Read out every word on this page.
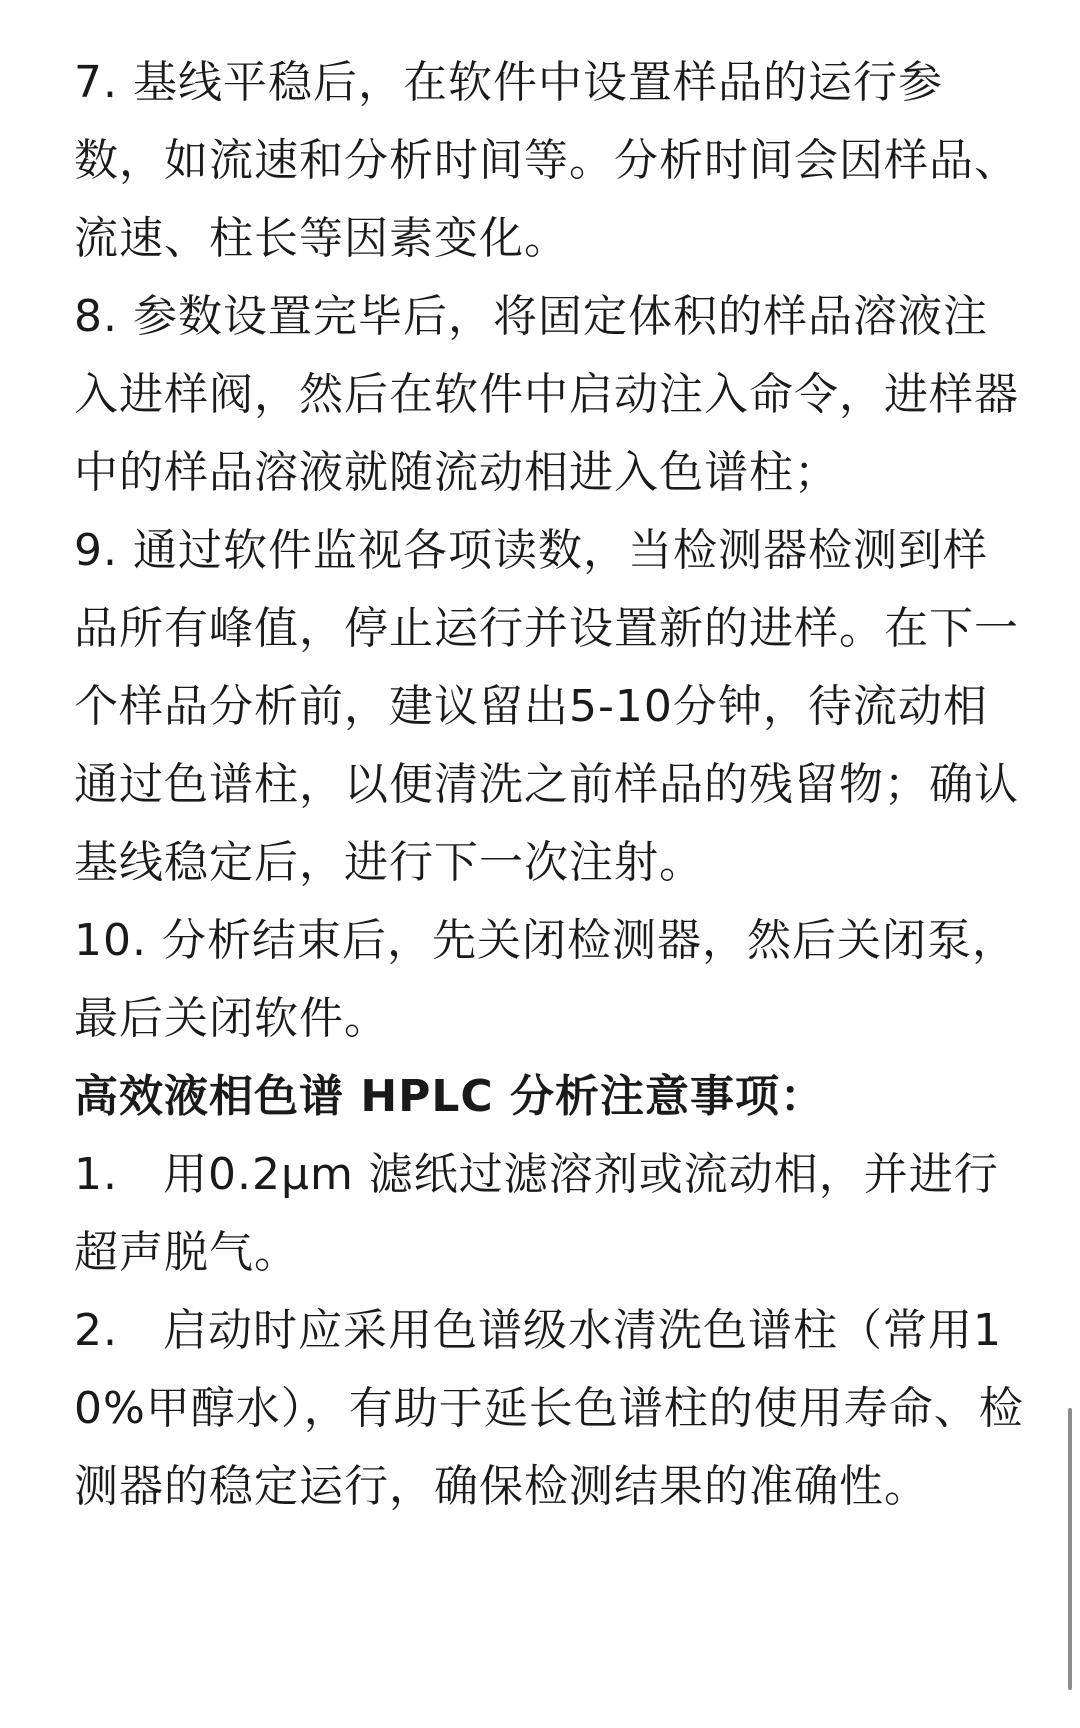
7. 基线平稳后，在软件中设置样品的运行参数，如流速和分析时间等。分析时间会因样品、流速、柱长等因素变化。

8. 参数设置完毕后，将固定体积的样品溶液注入进样阀，然后在软件中启动注入命令，进样器中的样品溶液就随流动相进入色谱柱；

9. 通过软件监视各项读数，当检测器检测到样品所有峰值，停止运行并设置新的进样。在下一个样品分析前，建议留出5-10分钟，待流动相通过色谱柱，以便清洗之前样品的残留物；确认基线稳定后，进行下一次注射。

10. 分析结束后，先关闭检测器，然后关闭泵，最后关闭软件。

高效液相色谱 HPLC 分析注意事项：

1.　用0.2μm 滤纸过滤溶剂或流动相，并进行超声脱气。

2.　启动时应采用色谱级水清洗色谱柱（常用10%甲醇水），有助于延长色谱柱的使用寿命、检测器的稳定运行，确保检测结果的准确性。
